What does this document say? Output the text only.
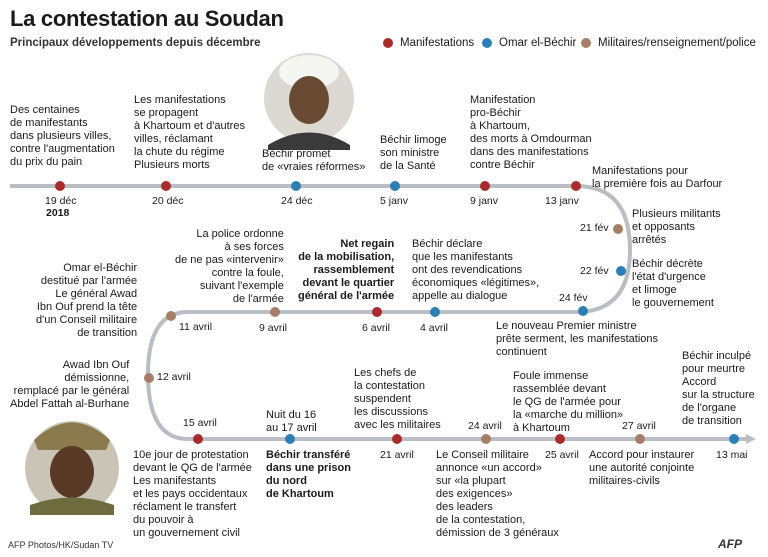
La contestation au Soudan
Principaux développements depuis décembre	Manifestations Omar el-Béchir Militaires/renseignement/police
Des centaines
de manifestants
dans plusieurs villes,
contre l'augmentation
du prix du pain
19 déc
2018
Les manifestations
se propagent
à Khartoum et d'autres
villes, réclamant
la chute du régime
Plusieurs morts
20 déc
Béchir promet
de «vraies réformes»
24 déc
Béchir limoge
son ministre
de la Santé
5 janv
Manifestation
pro-Béchir
à Khartoum,
des morts à Omdourman
dans des manifestations
contre Béchir
9 janv
Manifestations pour
la première fois au Darfour
13 janv
21 fév
Plusieurs militants
et opposants
arrêtés
22 fév
Béchir décrète
l'état d'urgence
et limoge
le gouvernement
24 fév
Le nouveau Premier ministre
prête serment, les manifestations
continuent
Béchir déclare
que les manifestants
ont des revendications
économiques «légitimes»,
appelle au dialogue
4 avril
Net regain
de la mobilisation,
rassemblement
devant le quartier
général de l'armée
6 avril
La police ordonne
à ses forces
de ne pas «intervenir»
contre la foule,
suivant l'exemple
de l'armée
9 avril
Omar el-Béchir
destitué par l'armée
Le général Awad
Ibn Ouf prend la tête
d'un Conseil militaire
de transition	11 avril
Awad Ibn Ouf
démissionne,
remplacé par le général
Abdel Fattah al-Burhane
12 avril
15 avril
10e jour de protestation
devant le QG de l'armée
Les manifestants
et les pays occidentaux
réclament le transfert
du pouvoir à
un gouvernement civil
Nuit du 16
au 17 avril
Béchir transféré
dans une prison
du nord
de Khartoum
Les chefs de
la contestation
suspendent
les discussions
avec les militaires
21 avril
24 avril
Le Conseil militaire
annonce «un accord»
sur «la plupart
des exigences»
des leaders
de la contestation,
démission de 3 généraux
Foule immense
rassemblée devant
le QG de l'armée pour
la «marche du million»
à Khartoum
25 avril
27 avril
Accord pour instaurer
une autorité conjointe
militaires-civils
Béchir inculpé
pour meurtre
Accord
sur la structure
de l'organe
de transition
13 mai
AFP Photos/HK/Sudan TV	AFP
